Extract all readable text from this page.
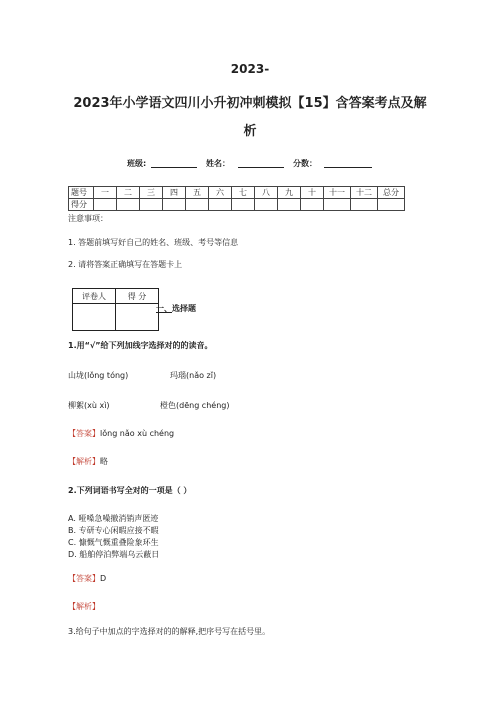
2023-
2023年小学语文四川小升初冲刺模拟【15】含答案考点及解
析
班级:	姓名：	分数：
题号	一	二	三	四	五	六	七	八	九	十	十一	十二	总分
得分													
注意事项：
1. 答题前填写好自己的姓名、班级、考号等信息
2. 请将答案正确填写在答题卡上
评卷人	得 分

一、选择题
1.用“√”给下列加线字选择对的的读音。
山垅(lǒng tóng)	玛瑙(nǎo zǐ)
柳絮(xù xì)	橙色(dēng chéng)
【答案】lǒng nǎo xù chéng
【解析】略
2.下列词语书写全对的一项是（ ）
A. 哑嗓急噪撤消销声匿迹
B. 专研专心闲暇应接不暇
C. 慷慨气慨重叠险象环生
D. 船舶停泊弊端乌云蔽日
【答案】D
【解析】
3.给句子中加点的字选择对的的解释,把序号写在括号里。
